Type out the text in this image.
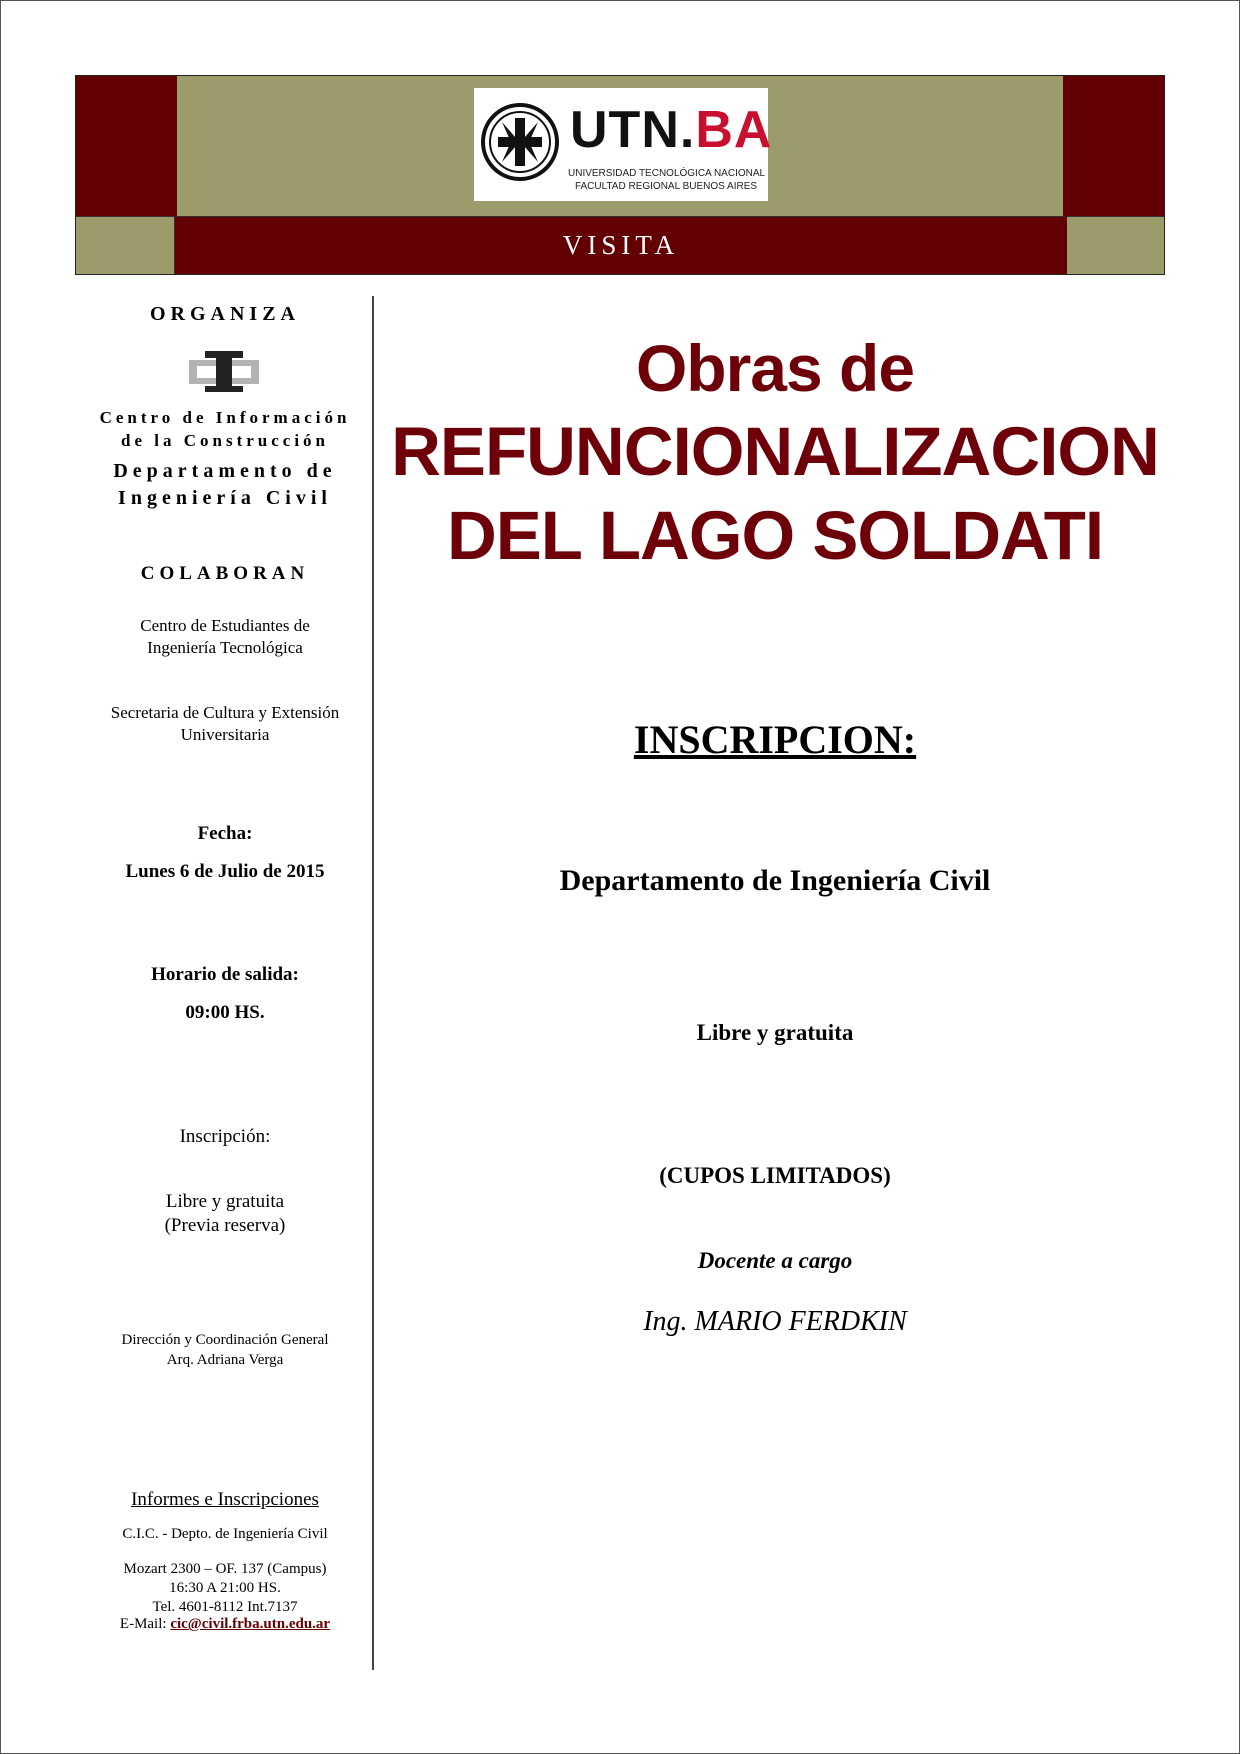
VISITA
UTN.BA
UNIVERSIDAD TECNOLÓGICA NACIONAL
FACULTAD REGIONAL BUENOS AIRES
ORGANIZA
Centro de Información
de la Construcción
Departamento de
Ingeniería Civil
COLABORAN
Centro de Estudiantes de
Ingeniería Tecnológica
Secretaria de Cultura y Extensión
Universitaria
Fecha:
Lunes 6 de Julio de 2015
Horario de salida:
09:00 HS.
Inscripción:
Libre y gratuita
(Previa reserva)
Dirección y Coordinación General
Arq. Adriana Verga
Informes e Inscripciones
C.I.C. - Depto. de Ingeniería Civil
Mozart 2300 – OF. 137 (Campus)
16:30 A 21:00 HS.
Tel. 4601-8112 Int.7137
E-Mail: cic@civil.frba.utn.edu.ar
Obras de
REFUNCIONALIZACION
DEL LAGO SOLDATI
INSCRIPCION:
Departamento de Ingeniería Civil
Libre y gratuita
(CUPOS LIMITADOS)
Docente a cargo
Ing. MARIO FERDKIN
